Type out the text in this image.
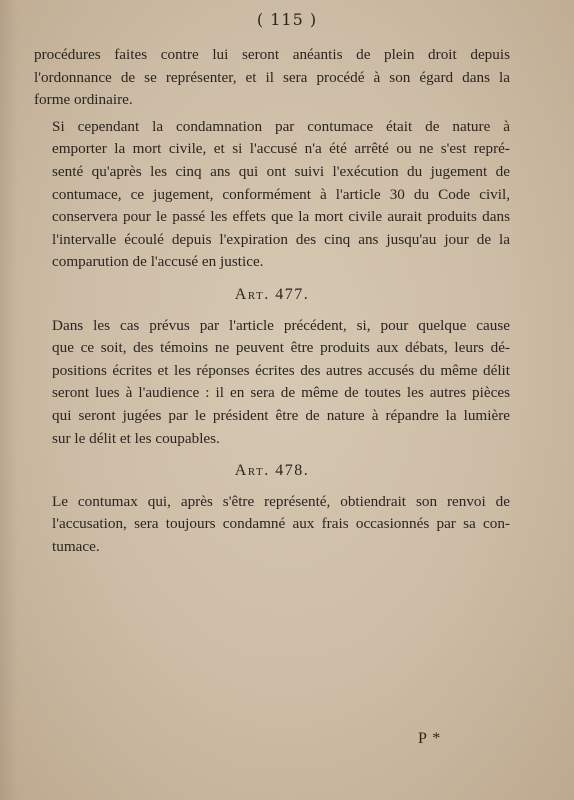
( 115 )
procédures faites contre lui seront anéantis de plein droit depuis
l'ordonnance de se représenter, et il sera procédé à son égard dans la
forme ordinaire.
Si cependant la condamnation par contumace était de nature à
emporter la mort civile, et si l'accusé n'a été arrêté ou ne s'est repré-
senté qu'après les cinq ans qui ont suivi l'exécution du jugement de
contumace, ce jugement, conformément à l'article 30 du Code civil,
conservera pour le passé les effets que la mort civile aurait produits dans
l'intervalle écoulé depuis l'expiration des cinq ans jusqu'au jour de la
comparution de l'accusé en justice.
Art. 477.
Dans les cas prévus par l'article précédent, si, pour quelque cause
que ce soit, des témoins ne peuvent être produits aux débats, leurs dé-
positions écrites et les réponses écrites des autres accusés du même délit
seront lues à l'audience : il en sera de même de toutes les autres pièces
qui seront jugées par le président être de nature à répandre la lumière
sur le délit et les coupables.
Art. 478.
Le contumax qui, après s'être représenté, obtiendrait son renvoi de
l'accusation, sera toujours condamné aux frais occasionnés par sa con-
tumace.
P *
